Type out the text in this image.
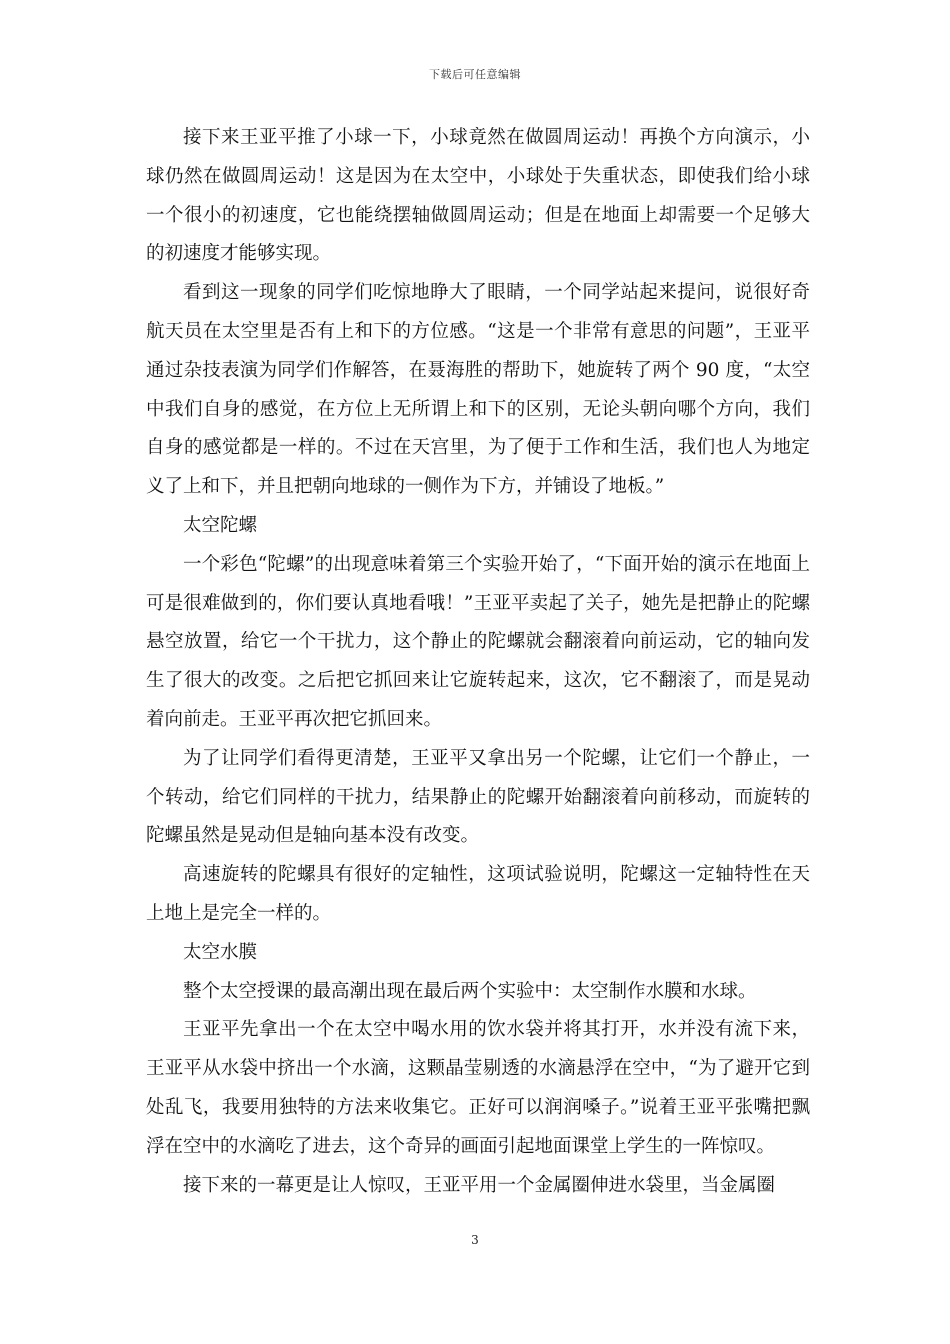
下载后可任意编辑

接下来王亚平推了小球一下，小球竟然在做圆周运动！再换个方向演示，小球仍然在做圆周运动！这是因为在太空中，小球处于失重状态，即使我们给小球一个很小的初速度，它也能绕摆轴做圆周运动；但是在地面上却需要一个足够大的初速度才能够实现。

看到这一现象的同学们吃惊地睁大了眼睛，一个同学站起来提问，说很好奇航天员在太空里是否有上和下的方位感。“这是一个非常有意思的问题”，王亚平通过杂技表演为同学们作解答，在聂海胜的帮助下，她旋转了两个 90 度，“太空中我们自身的感觉，在方位上无所谓上和下的区别，无论头朝向哪个方向，我们自身的感觉都是一样的。不过在天宫里，为了便于工作和生活，我们也人为地定义了上和下，并且把朝向地球的一侧作为下方，并铺设了地板。”

太空陀螺

一个彩色“陀螺”的出现意味着第三个实验开始了，“下面开始的演示在地面上可是很难做到的，你们要认真地看哦！”王亚平卖起了关子，她先是把静止的陀螺悬空放置，给它一个干扰力，这个静止的陀螺就会翻滚着向前运动，它的轴向发生了很大的改变。之后把它抓回来让它旋转起来，这次，它不翻滚了，而是晃动着向前走。王亚平再次把它抓回来。

为了让同学们看得更清楚，王亚平又拿出另一个陀螺，让它们一个静止，一个转动，给它们同样的干扰力，结果静止的陀螺开始翻滚着向前移动，而旋转的陀螺虽然是晃动但是轴向基本没有改变。

高速旋转的陀螺具有很好的定轴性，这项试验说明，陀螺这一定轴特性在天上地上是完全一样的。

太空水膜

整个太空授课的最高潮出现在最后两个实验中：太空制作水膜和水球。

王亚平先拿出一个在太空中喝水用的饮水袋并将其打开，水并没有流下来，王亚平从水袋中挤出一个水滴，这颗晶莹剔透的水滴悬浮在空中，“为了避开它到处乱飞，我要用独特的方法来收集它。正好可以润润嗓子。”说着王亚平张嘴把飘浮在空中的水滴吃了进去，这个奇异的画面引起地面课堂上学生的一阵惊叹。

接下来的一幕更是让人惊叹，王亚平用一个金属圈伸进水袋里，当金属圈

3
